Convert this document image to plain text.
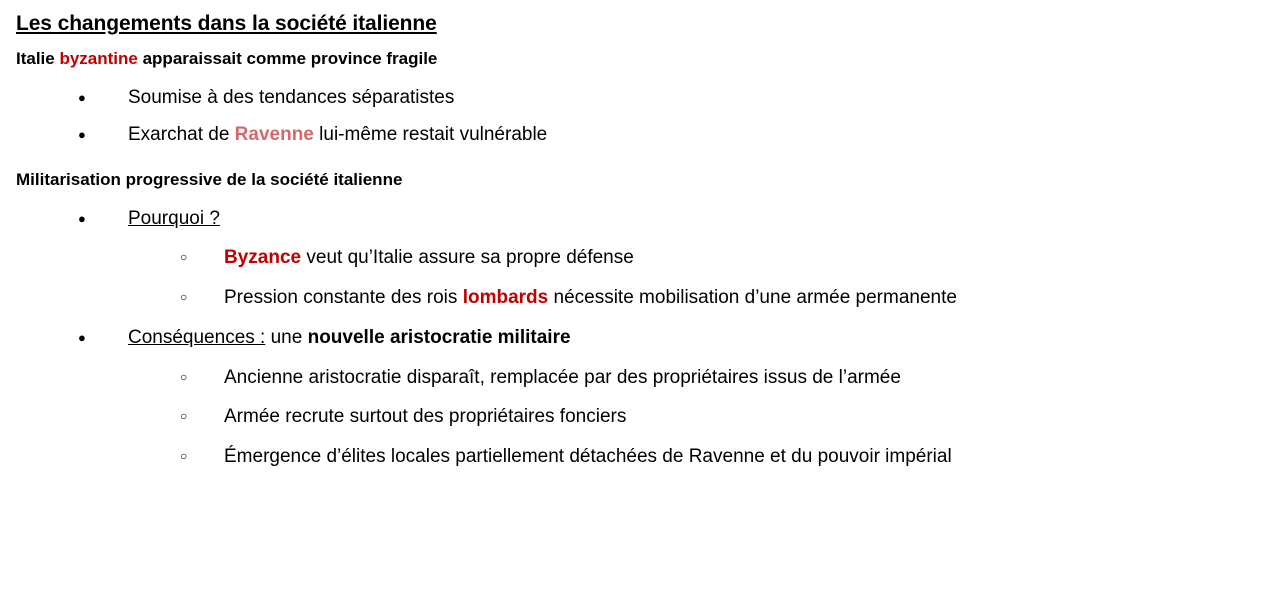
Les changements dans la société italienne

Italie byzantine apparaissait comme province fragile

● Soumise à des tendances séparatistes
● Exarchat de Ravenne lui-même restait vulnérable

Militarisation progressive de la société italienne

● Pourquoi ?
○ Byzance veut qu’Italie assure sa propre défense
○ Pression constante des rois lombards nécessite mobilisation d’une armée permanente
● Conséquences : une nouvelle aristocratie militaire
○ Ancienne aristocratie disparaît, remplacée par des propriétaires issus de l’armée
○ Armée recrute surtout des propriétaires fonciers
○ Émergence d’élites locales partiellement détachées de Ravenne et du pouvoir impérial
